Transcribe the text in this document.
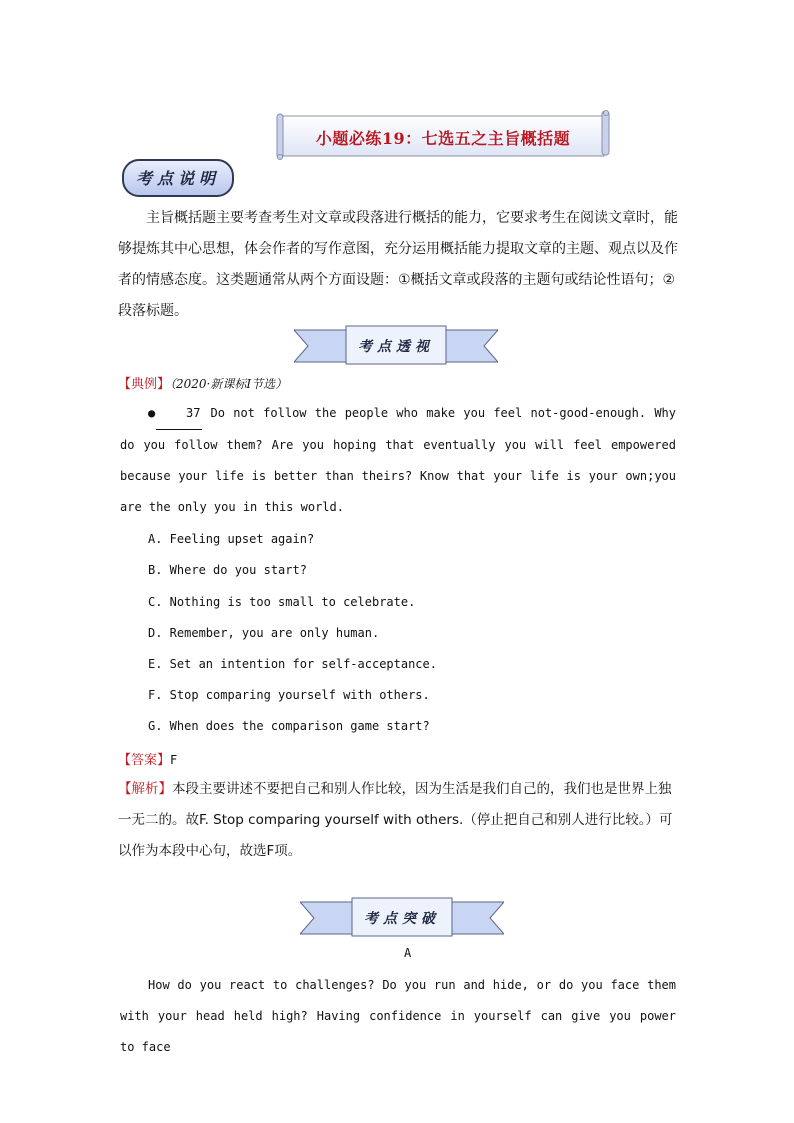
小题必练19：七选五之主旨概括题
考点说明
主旨概括题主要考查考生对文章或段落进行概括的能力，它要求考生在阅读文章时，能够提炼其中心思想，体会作者的写作意图，充分运用概括能力提取文章的主题、观点以及作者的情感态度。这类题通常从两个方面设题：①概括文章或段落的主题句或结论性语句；②段落标题。
考点透视
【典例】（2020·新课标Ⅰ节选）
● 37 Do not follow the people who make you feel not-good-enough. Why do you follow them? Are you hoping that eventually you will feel empowered because your life is better than theirs? Know that your life is your own;you are the only you in this world.
A. Feeling upset again?
B. Where do you start?
C. Nothing is too small to celebrate.
D. Remember, you are only human.
E. Set an intention for self-acceptance.
F. Stop comparing yourself with others.
G. When does the comparison game start?
【答案】F
【解析】本段主要讲述不要把自己和别人作比较，因为生活是我们自己的，我们也是世界上独一无二的。故F. Stop comparing yourself with others.（停止把自己和别人进行比较。）可以作为本段中心句，故选F项。
考点突破
A
How do you react to challenges? Do you run and hide, or do you face them with your head held high? Having confidence in yourself can give you power to face
